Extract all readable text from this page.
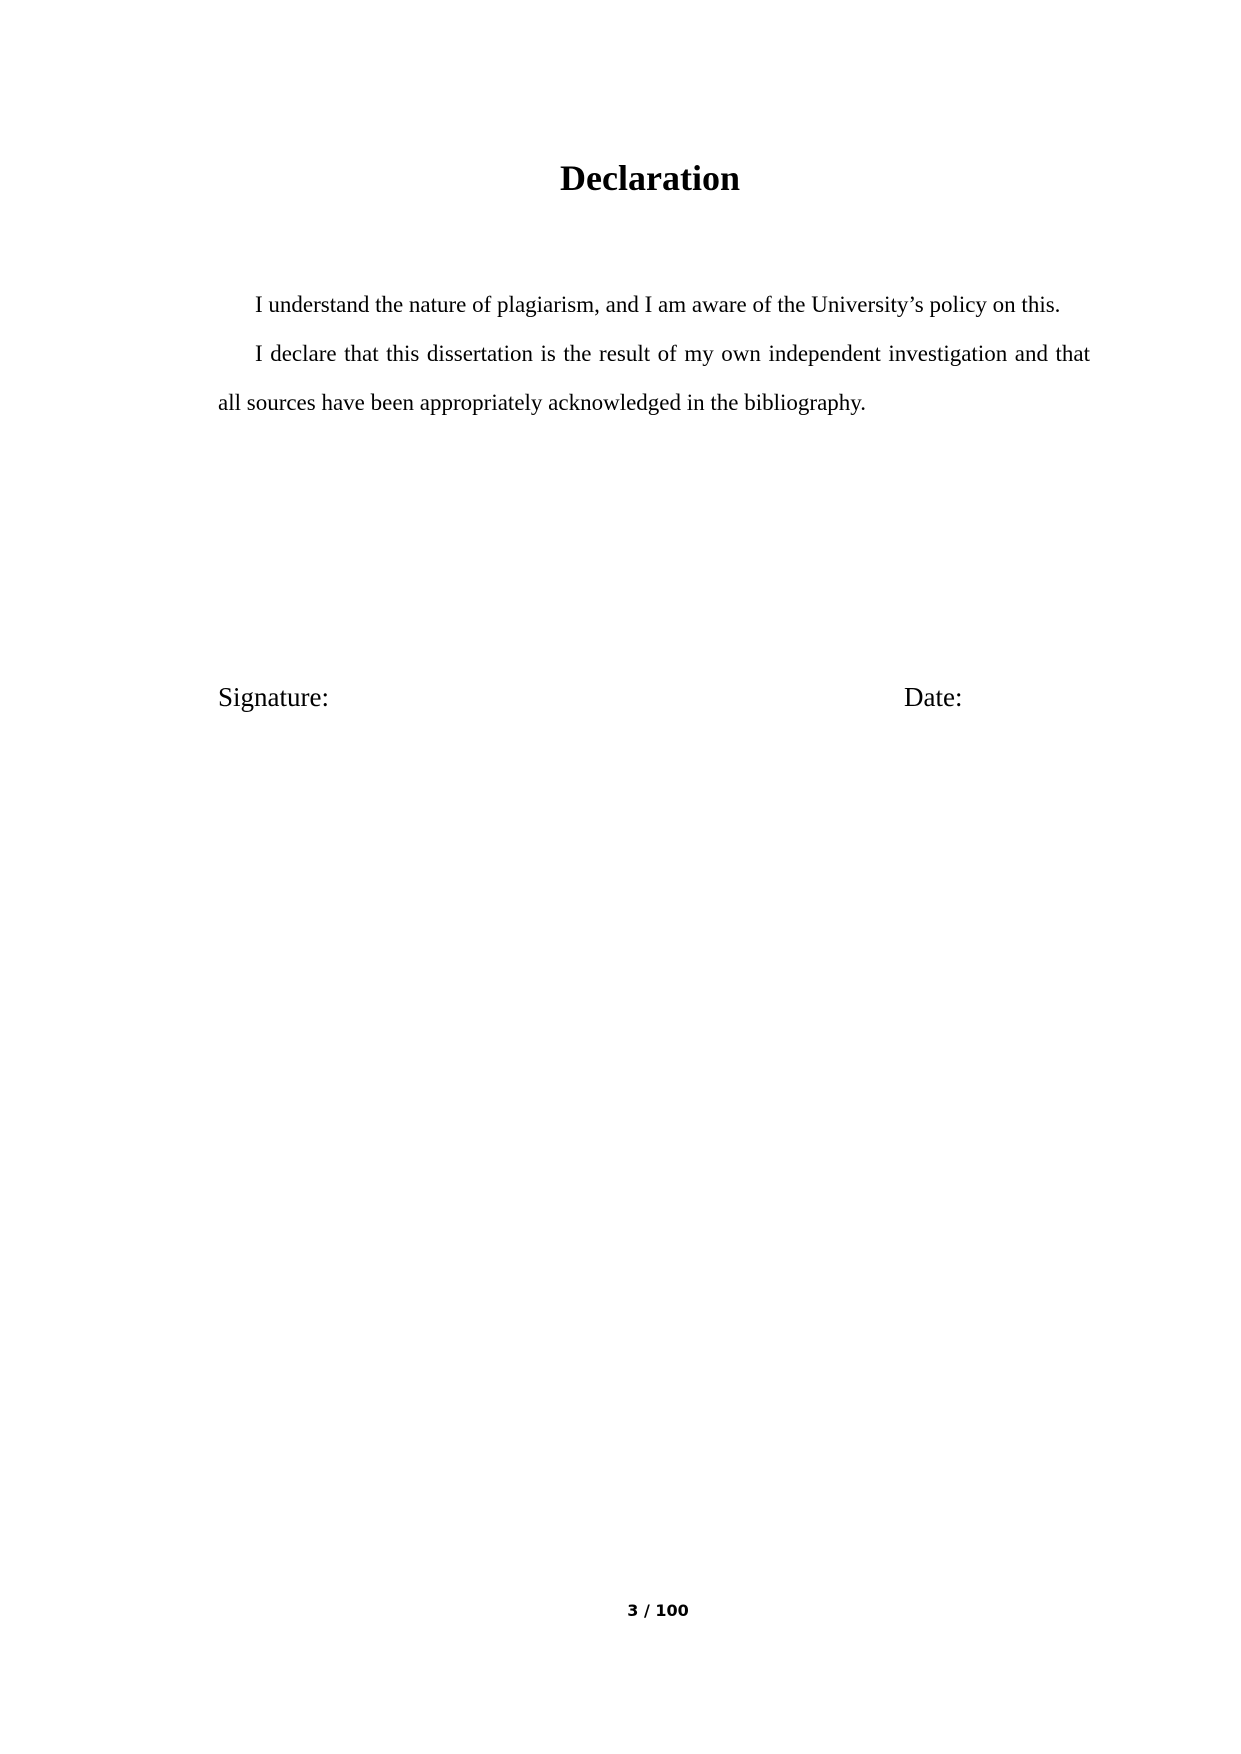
Declaration

I understand the nature of plagiarism, and I am aware of the University’s policy on this.

I declare that this dissertation is the result of my own independent investigation and that all sources have been appropriately acknowledged in the bibliography.

Signature:	Date:
3 / 100
